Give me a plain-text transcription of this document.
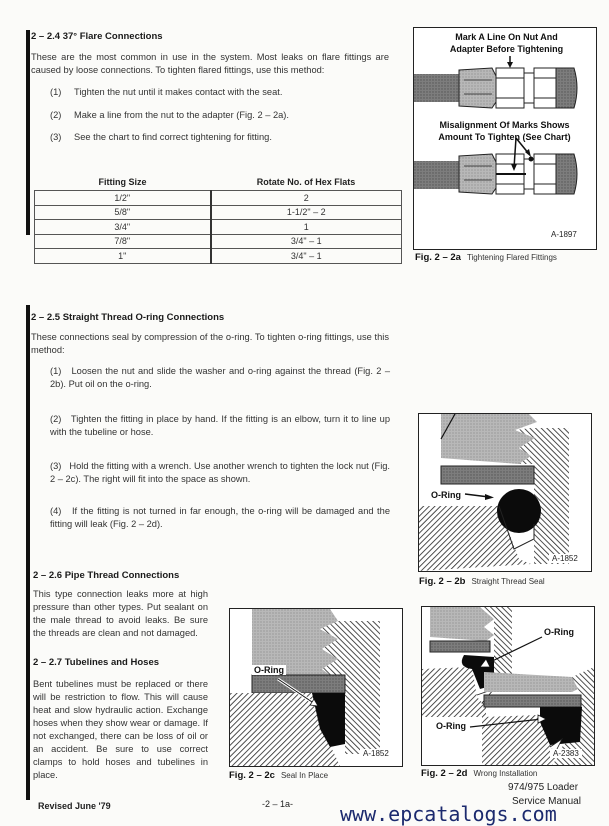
2 – 2.4 37° Flare Connections
These are the most common in use in the system. Most leaks on flare fittings are caused by loose connections. To tighten flared fittings, use this method:
(1) Tighten the nut until it makes contact with the seat.
(2) Make a line from the nut to the adapter (Fig. 2 – 2a).
(3) See the chart to find correct tightening for fitting.
Fitting Size	Rotate No. of Hex Flats
1/2"	2
5/8"	1-1/2" – 2
3/4"	1
7/8"	3/4" – 1
1"	3/4" – 1
Mark A Line On Nut And Adapter Before Tightening
Misalignment Of Marks Shows Amount To Tighten (See Chart)
A-1897
Fig. 2 – 2a Tightening Flared Fittings
2 – 2.5 Straight Thread O-ring Connections
These connections seal by compression of the o-ring. To tighten o-ring fittings, use this method:
(1) Loosen the nut and slide the washer and o-ring against the thread (Fig. 2 – 2b). Put oil on the o-ring.
(2) Tighten the fitting in place by hand. If the fitting is an elbow, turn it to line up with the tubeline or hose.
(3) Hold the fitting with a wrench. Use another wrench to tighten the lock nut (Fig. 2 – 2c). The right will fit into the space as shown.
(4) If the fitting is not turned in far enough, the o-ring will be damaged and the fitting will leak (Fig. 2 – 2d).
O-Ring
A-1852
Fig. 2 – 2b Straight Thread Seal
2 – 2.6 Pipe Thread Connections
This type connection leaks more at high pressure than other types. Put sealant on the male thread to avoid leaks. Be sure the threads are clean and not damaged.
2 – 2.7 Tubelines and Hoses
Bent tubelines must be replaced or there will be restriction to flow. This will cause heat and slow hydraulic action. Exchange hoses when they show wear or damage. If not exchanged, there can be loss of oil or an accident. Be sure to use correct clamps to hold hoses and tubelines in place.
O-Ring
A-1852
Fig. 2 – 2c Seal In Place
O-Ring
O-Ring
A-2383
Fig. 2 – 2d Wrong Installation
Revised June '79	-2 – 1a-
974/975 Loader
Service Manual
www.epcatalogs.com
